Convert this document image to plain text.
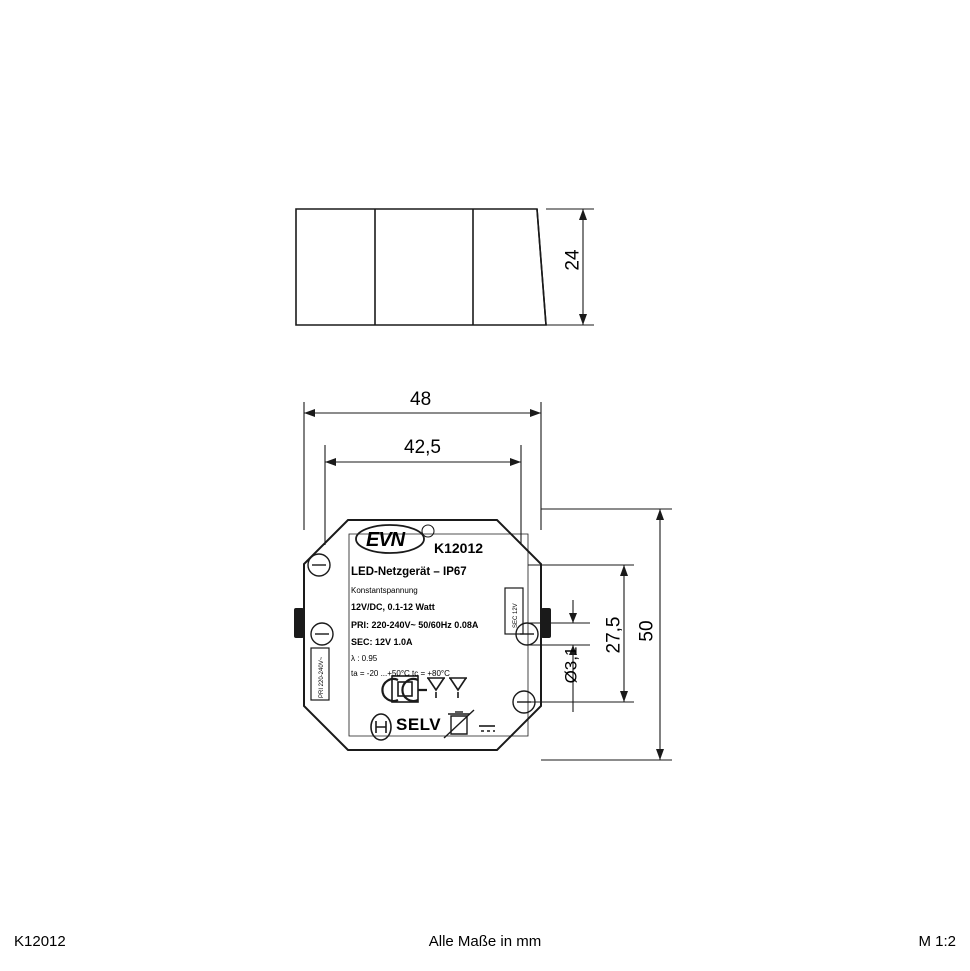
24
48
42,5
50
27,5
Ø3,1
EVN K12012
LED-Netzgerät – IP67
Konstantspannung
12V/DC, 0.1-12 Watt
PRI: 220-240V~ 50/60Hz 0.08A
SEC: 12V 1.0A
λ : 0.95
ta = -20 ...+50°C tc = +80°C
SELV
SEC 12V
PRI 220-240V~
K12012	Alle Maße in mm	M 1:2
